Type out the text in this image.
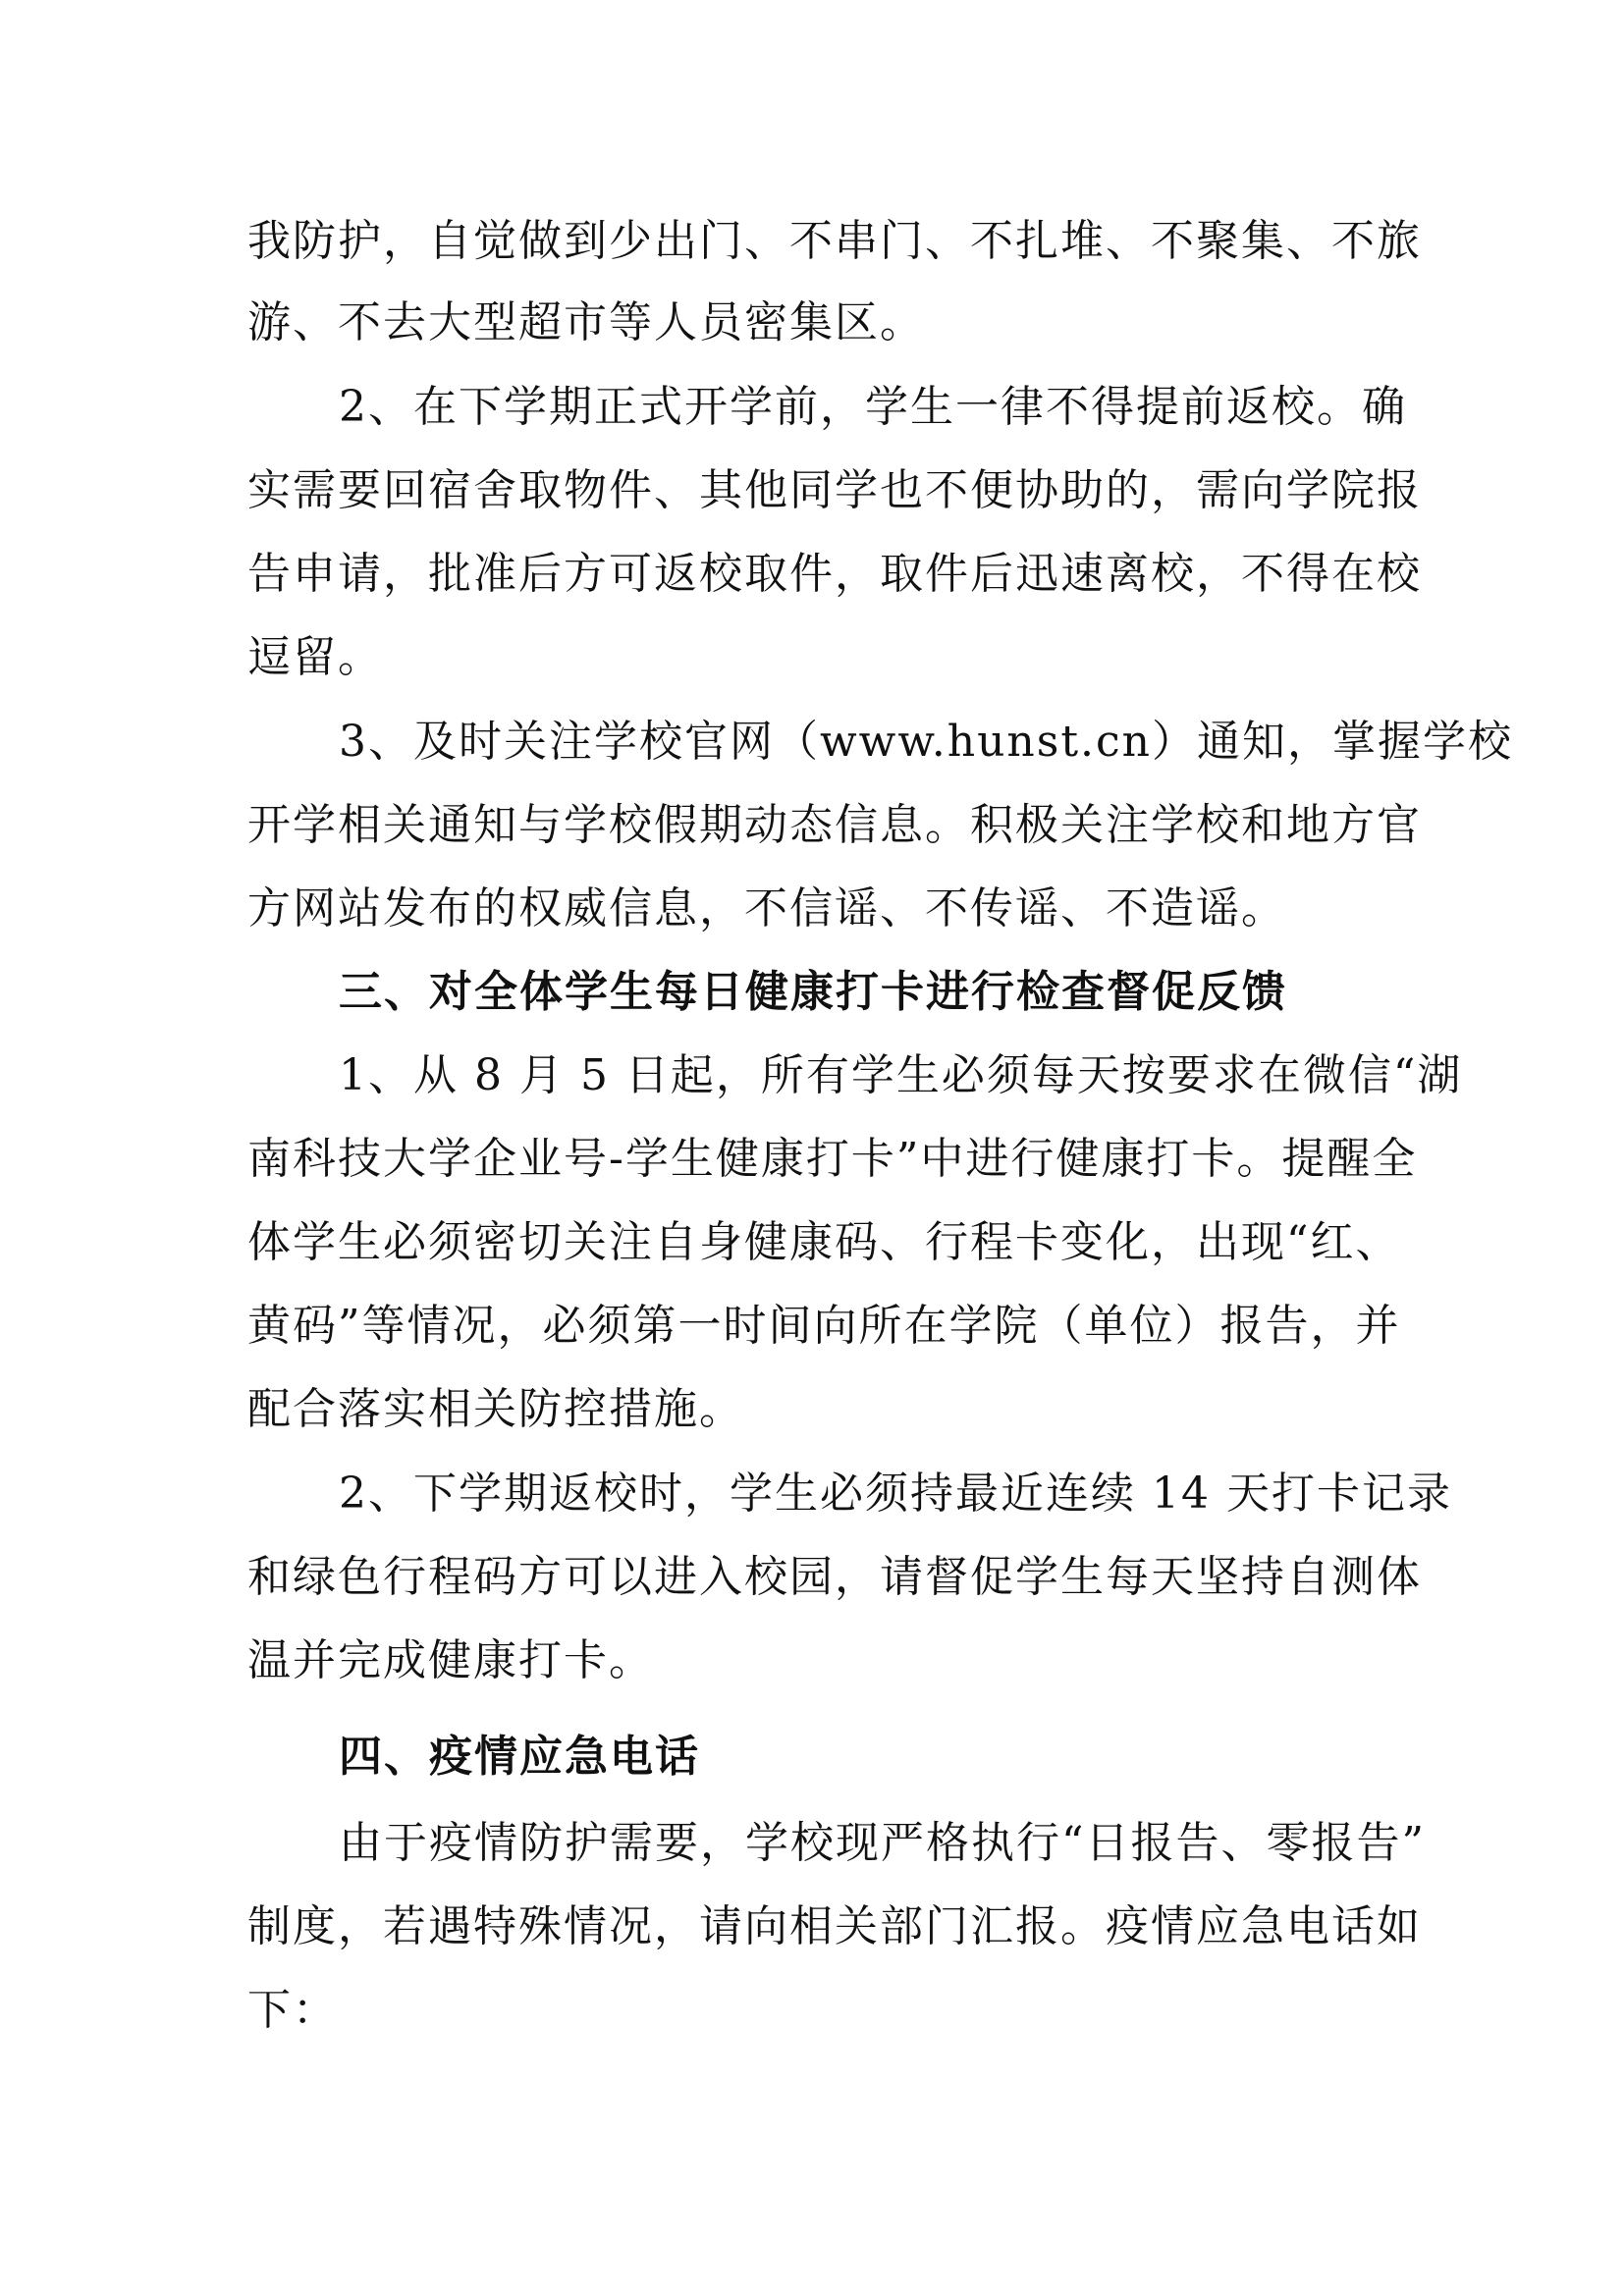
我防护，自觉做到少出门、不串门、不扎堆、不聚集、不旅
游、不去大型超市等人员密集区。
2、在下学期正式开学前，学生一律不得提前返校。确
实需要回宿舍取物件、其他同学也不便协助的，需向学院报
告申请，批准后方可返校取件，取件后迅速离校，不得在校
逗留。
3、及时关注学校官网（www.hunst.cn）通知，掌握学校
开学相关通知与学校假期动态信息。积极关注学校和地方官
方网站发布的权威信息，不信谣、不传谣、不造谣。
三、对全体学生每日健康打卡进行检查督促反馈
1、从 8 月 5 日起，所有学生必须每天按要求在微信“湖
南科技大学企业号-学生健康打卡”中进行健康打卡。提醒全
体学生必须密切关注自身健康码、行程卡变化，出现“红、
黄码”等情况，必须第一时间向所在学院（单位）报告，并
配合落实相关防控措施。
2、下学期返校时，学生必须持最近连续 14 天打卡记录
和绿色行程码方可以进入校园，请督促学生每天坚持自测体
温并完成健康打卡。
四、疫情应急电话
由于疫情防护需要，学校现严格执行“日报告、零报告”
制度，若遇特殊情况，请向相关部门汇报。疫情应急电话如
下：
